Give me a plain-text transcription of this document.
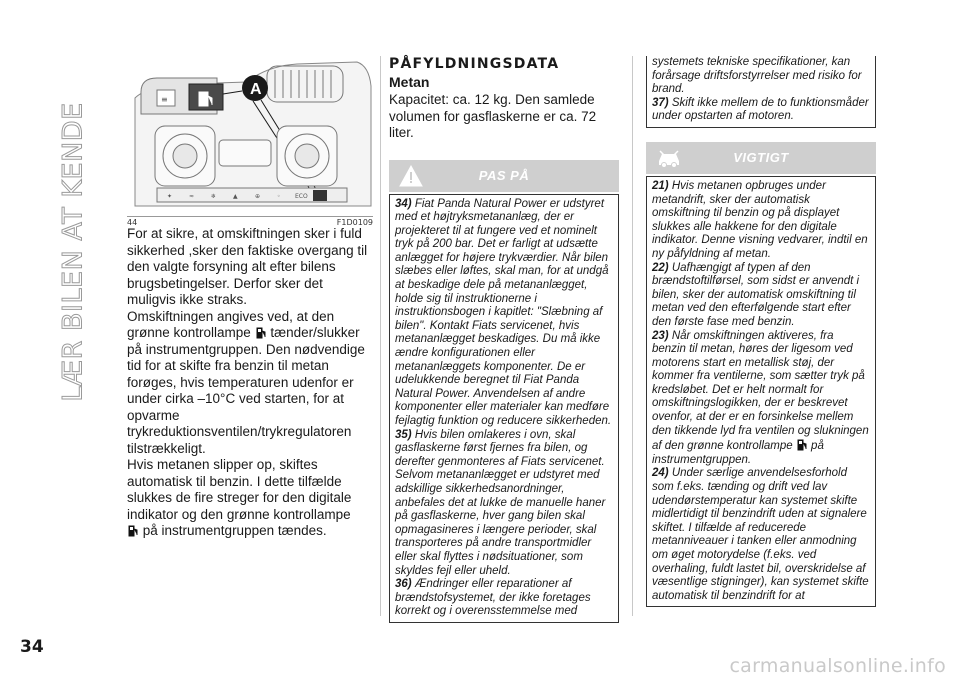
LÆR BILEN AT KENDE
≡
A
✦	≈	❄	▲	⊕	◦ ECO
44	F1D0109

For at sikre, at omskiftningen sker i fuld sikkerhed ,sker den faktiske overgang til den valgte forsyning alt efter bilens brugsbetingelser. Derfor sker det muligvis ikke straks.

Omskiftningen angives ved, at den grønne kontrollampe tænder/slukker på instrumentgruppen. Den nødvendige tid for at skifte fra benzin til metan forøges, hvis temperaturen udenfor er under cirka –10°C ved starten, for at opvarme trykreduktionsventilen/trykregulatoren tilstrækkeligt.

Hvis metanen slipper op, skiftes automatisk til benzin. I dette tilfælde slukkes de fire streger for den digitale indikator og den grønne kontrollampe
på instrumentgruppen tændes.

PÅFYLDNINGSDATA
Metan
Kapacitet: ca. 12 kg. Den samlede volumen for gasflaskerne er ca. 72 liter.
PAS PÅ

34) Fiat Panda Natural Power er udstyret med et højtryksmetananlæg, der er projekteret til at fungere ved et nominelt tryk på 200 bar. Det er farligt at udsætte anlægget for højere trykværdier. Når bilen slæbes eller løftes, skal man, for at undgå at beskadige dele på metananlægget, holde sig til instruktionerne i instruktionsbogen i kapitlet: "Slæbning af bilen". Kontakt Fiats servicenet, hvis metananlægget beskadiges. Du må ikke ændre konfigurationen eller metananlæggets komponenter. De er udelukkende beregnet til Fiat Panda Natural Power. Anvendelsen af andre komponenter eller materialer kan medføre fejlagtig funktion og reducere sikkerheden.

35) Hvis bilen omlakeres i ovn, skal gasflaskerne først fjernes fra bilen, og derefter genmonteres af Fiats servicenet. Selvom metananlægget er udstyret med adskillige sikkerhedsanordninger, anbefales det at lukke de manuelle haner på gasflaskerne, hver gang bilen skal opmagasineres i længere perioder, skal transporteres på andre transportmidler eller skal flyttes i nødsituationer, som skyldes fejl eller uheld.

36) Ændringer eller reparationer af brændstofsystemet, der ikke foretages korrekt og i overensstemmelse med

systemets tekniske specifikationer, kan forårsage driftsforstyrrelser med risiko for brand.

37) Skift ikke mellem de to funktionsmåder under opstarten af motoren.

VIGTIGT

21) Hvis metanen opbruges under metandrift, sker der automatisk omskiftning til benzin og på displayet slukkes alle hakkene for den digitale indikator. Denne visning vedvarer, indtil en ny påfyldning af metan.

22) Uafhængigt af typen af den brændstoftilførsel, som sidst er anvendt i bilen, sker der automatisk omskiftning til metan ved den efterfølgende start efter den første fase med benzin.

23) Når omskiftningen aktiveres, fra benzin til metan, høres der ligesom ved motorens start en metallisk støj, der kommer fra ventilerne, som sætter tryk på kredsløbet. Det er helt normalt for omskiftningslogikken, der er beskrevet ovenfor, at der er en forsinkelse mellem den tikkende lyd fra ventilen og slukningen af den grønne kontrollampe på instrumentgruppen.

24) Under særlige anvendelsesforhold som f.eks. tænding og drift ved lav udendørstemperatur kan systemet skifte midlertidigt til benzindrift uden at signalere skiftet. I tilfælde af reducerede metanniveauer i tanken eller anmodning om øget motorydelse (f.eks. ved overhaling, fuldt lastet bil, overskridelse af væsentlige stigninger), kan systemet skifte automatisk til benzindrift for at

34
carmanualsonline.info
